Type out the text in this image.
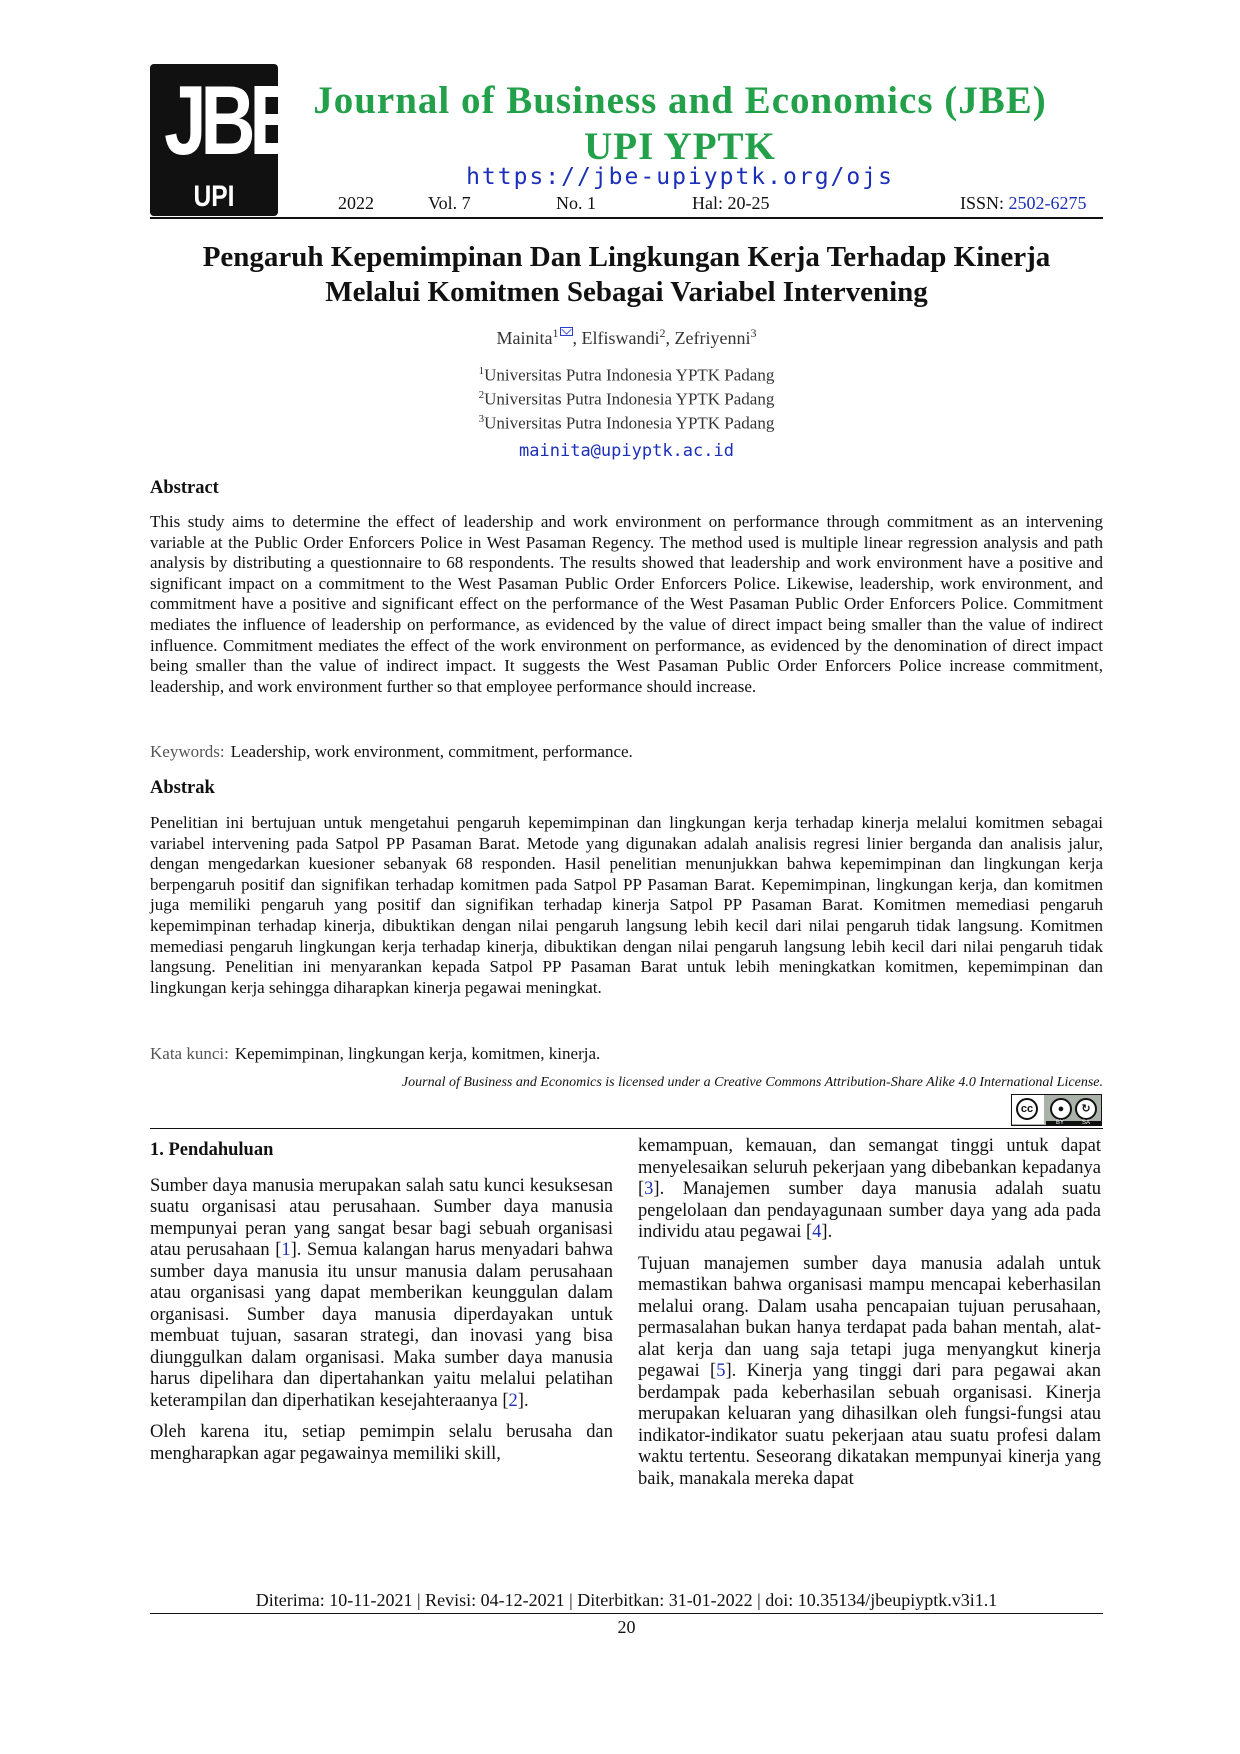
JBE
UPI YPTK
Journal of Business and Economics (JBE)
UPI YPTK
https://jbe-upiyptk.org/ojs
2022	Vol. 7	No. 1	Hal: 20-25	ISSN: 2502-6275
Pengaruh Kepemimpinan Dan Lingkungan Kerja Terhadap Kinerja
Melalui Komitmen Sebagai Variabel Intervening
Mainita$^1$ , Elfiswandi$^2$, Zefriyenni$^3$
$^1$Universitas Putra Indonesia YPTK Padang
$^2$Universitas Putra Indonesia YPTK Padang
$^3$Universitas Putra Indonesia YPTK Padang
mainita@upiyptk.ac.id
Abstract
This study aims to determine the effect of leadership and work environment on performance through commitment as an intervening variable at the Public Order Enforcers Police in West Pasaman Regency. The method used is multiple linear regression analysis and path analysis by distributing a questionnaire to 68 respondents. The results showed that leadership and work environment have a positive and significant impact on a commitment to the West Pasaman Public Order Enforcers Police. Likewise, leadership, work environment, and commitment have a positive and significant effect on the performance of the West Pasaman Public Order Enforcers Police. Commitment mediates the influence of leadership on performance, as evidenced by the value of direct impact being smaller than the value of indirect influence. Commitment mediates the effect of the work environment on performance, as evidenced by the denomination of direct impact being smaller than the value of indirect impact. It suggests the West Pasaman Public Order Enforcers Police increase commitment, leadership, and work environment further so that employee performance should increase.
Keywords: Leadership, work environment, commitment, performance.
Abstrak
Penelitian ini bertujuan untuk mengetahui pengaruh kepemimpinan dan lingkungan kerja terhadap kinerja melalui komitmen sebagai variabel intervening pada Satpol PP Pasaman Barat. Metode yang digunakan adalah analisis regresi linier berganda dan analisis jalur, dengan mengedarkan kuesioner sebanyak 68 responden. Hasil penelitian menunjukkan bahwa kepemimpinan dan lingkungan kerja berpengaruh positif dan signifikan terhadap komitmen pada Satpol PP Pasaman Barat. Kepemimpinan, lingkungan kerja, dan komitmen juga memiliki pengaruh yang positif dan signifikan terhadap kinerja Satpol PP Pasaman Barat. Komitmen memediasi pengaruh kepemimpinan terhadap kinerja, dibuktikan dengan nilai pengaruh langsung lebih kecil dari nilai pengaruh tidak langsung. Komitmen memediasi pengaruh lingkungan kerja terhadap kinerja, dibuktikan dengan nilai pengaruh langsung lebih kecil dari nilai pengaruh tidak langsung. Penelitian ini menyarankan kepada Satpol PP Pasaman Barat untuk lebih meningkatkan komitmen, kepemimpinan dan lingkungan kerja sehingga diharapkan kinerja pegawai meningkat.
Kata kunci: Kepemimpinan, lingkungan kerja, komitmen, kinerja.
Journal of Business and Economics is licensed under a Creative Commons Attribution-Share Alike 4.0 International License.
cc	●	↻
BY	SA
1. Pendahuluan

Sumber daya manusia merupakan salah satu kunci kesuksesan suatu organisasi atau perusahaan. Sumber daya manusia mempunyai peran yang sangat besar bagi sebuah organisasi atau perusahaan [1]. Semua kalangan harus menyadari bahwa sumber daya manusia itu unsur manusia dalam perusahaan atau organisasi yang dapat memberikan keunggulan dalam organisasi. Sumber daya manusia diperdayakan untuk membuat tujuan, sasaran strategi, dan inovasi yang bisa diunggulkan dalam organisasi. Maka sumber daya manusia harus dipelihara dan dipertahankan yaitu melalui pelatihan keterampilan dan diperhatikan kesejahteraanya [2].

Oleh karena itu, setiap pemimpin selalu berusaha dan mengharapkan agar pegawainya memiliki skill,

kemampuan, kemauan, dan semangat tinggi untuk dapat menyelesaikan seluruh pekerjaan yang dibebankan kepadanya [3]. Manajemen sumber daya manusia adalah suatu pengelolaan dan pendayagunaan sumber daya yang ada pada individu atau pegawai [4].

Tujuan manajemen sumber daya manusia adalah untuk memastikan bahwa organisasi mampu mencapai keberhasilan melalui orang. Dalam usaha pencapaian tujuan perusahaan, permasalahan bukan hanya terdapat pada bahan mentah, alat-alat kerja dan uang saja tetapi juga menyangkut kinerja pegawai [5]. Kinerja yang tinggi dari para pegawai akan berdampak pada keberhasilan sebuah organisasi. Kinerja merupakan keluaran yang dihasilkan oleh fungsi-fungsi atau indikator-indikator suatu pekerjaan atau suatu profesi dalam waktu tertentu. Seseorang dikatakan mempunyai kinerja yang baik, manakala mereka dapat

Diterima: 10-11-2021 | Revisi: 04-12-2021 | Diterbitkan: 31-01-2022 | doi: 10.35134/jbeupiyptk.v3i1.1
20
